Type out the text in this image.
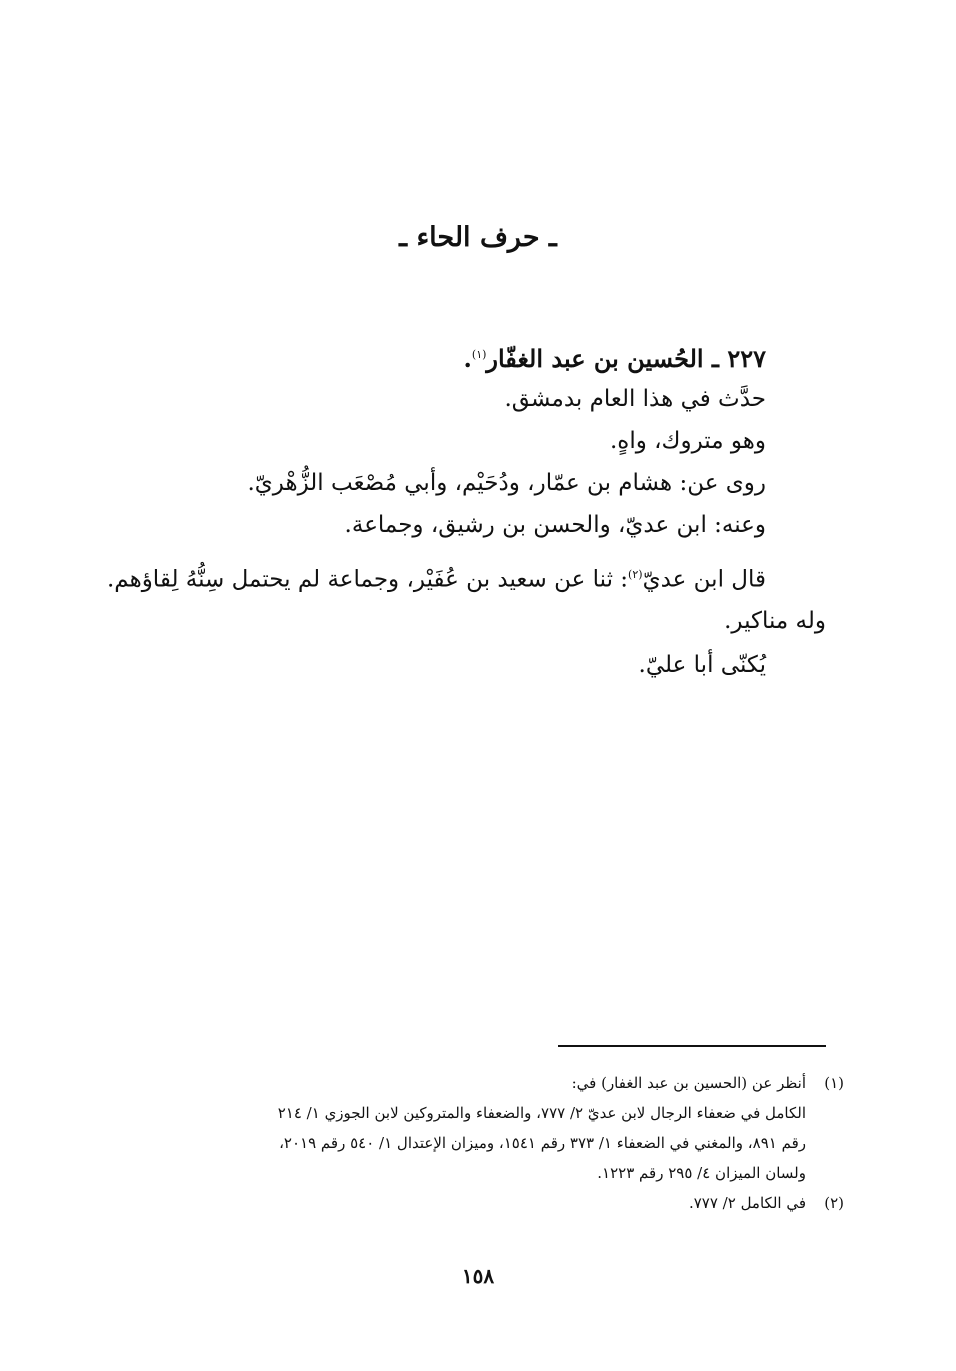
ـ حرف الحاء ـ
٢٢٧ ـ الحُسين بن عبد الغفّار$^{(١)}$.
حدَّث في هذا العام بدمشق.
وهو متروك، واهٍ.
روى عن: هشام بن عمّار، ودُحَيْم، وأبي مُصْعَب الزُّهْريّ.
وعنه: ابن عديّ، والحسن بن رشيق، وجماعة.
قال ابن عديّ$^{(٢)}$: ثنا عن سعيد بن عُفَيْر، وجماعة لم يحتمل سِنُّهُ لِقاؤهم.
وله مناكير.
يُكنّى أبا عليّ.
(١)
أنظر عن (الحسين بن عبد الغفار) في:
الكامل في ضعفاء الرجال لابن عديّ ٢/ ٧٧٧، والضعفاء والمتروكين لابن الجوزي ١/ ٢١٤
رقم ٨٩١، والمغني في الضعفاء ١/ ٣٧٣ رقم ١٥٤١، وميزان الإعتدال ١/ ٥٤٠ رقم ٢٠١٩،
ولسان الميزان ٤/ ٢٩٥ رقم ١٢٢٣.
(٢)
في الكامل ٢/ ٧٧٧.
١٥٨
